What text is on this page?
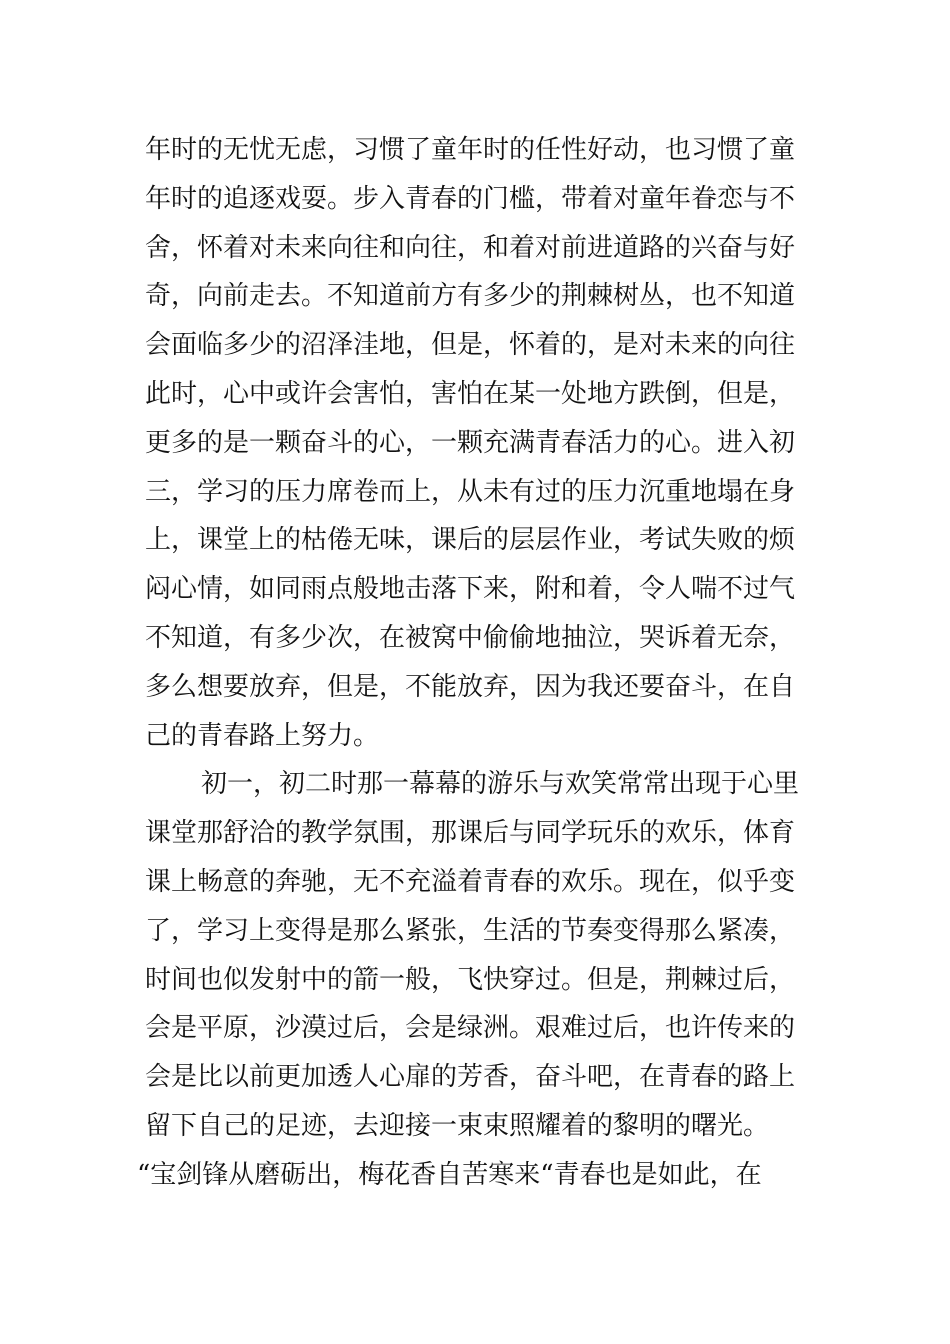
年时的无忧无虑，习惯了童年时的任性好动，也习惯了童
年时的追逐戏耍。步入青春的门槛，带着对童年眷恋与不
舍，怀着对未来向往和向往，和着对前进道路的兴奋与好
奇，向前走去。不知道前方有多少的荆棘树丛，也不知道
会面临多少的沼泽洼地，但是，怀着的，是对未来的向往
此时，心中或许会害怕，害怕在某一处地方跌倒，但是，
更多的是一颗奋斗的心，一颗充满青春活力的心。进入初
三，学习的压力席卷而上，从未有过的压力沉重地塌在身
上，课堂上的枯倦无味，课后的层层作业，考试失败的烦
闷心情，如同雨点般地击落下来，附和着，令人喘不过气
不知道，有多少次，在被窝中偷偷地抽泣，哭诉着无奈，
多么想要放弃，但是，不能放弃，因为我还要奋斗，在自
己的青春路上努力。
初一，初二时那一幕幕的游乐与欢笑常常出现于心里
课堂那舒洽的教学氛围，那课后与同学玩乐的欢乐，体育
课上畅意的奔驰，无不充溢着青春的欢乐。现在，似乎变
了，学习上变得是那么紧张，生活的节奏变得那么紧凑，
时间也似发射中的箭一般，飞快穿过。但是，荆棘过后，
会是平原，沙漠过后，会是绿洲。艰难过后，也许传来的
会是比以前更加透人心扉的芳香，奋斗吧，在青春的路上
留下自己的足迹，去迎接一束束照耀着的黎明的曙光。
“宝剑锋从磨砺出，梅花香自苦寒来“青春也是如此，在
